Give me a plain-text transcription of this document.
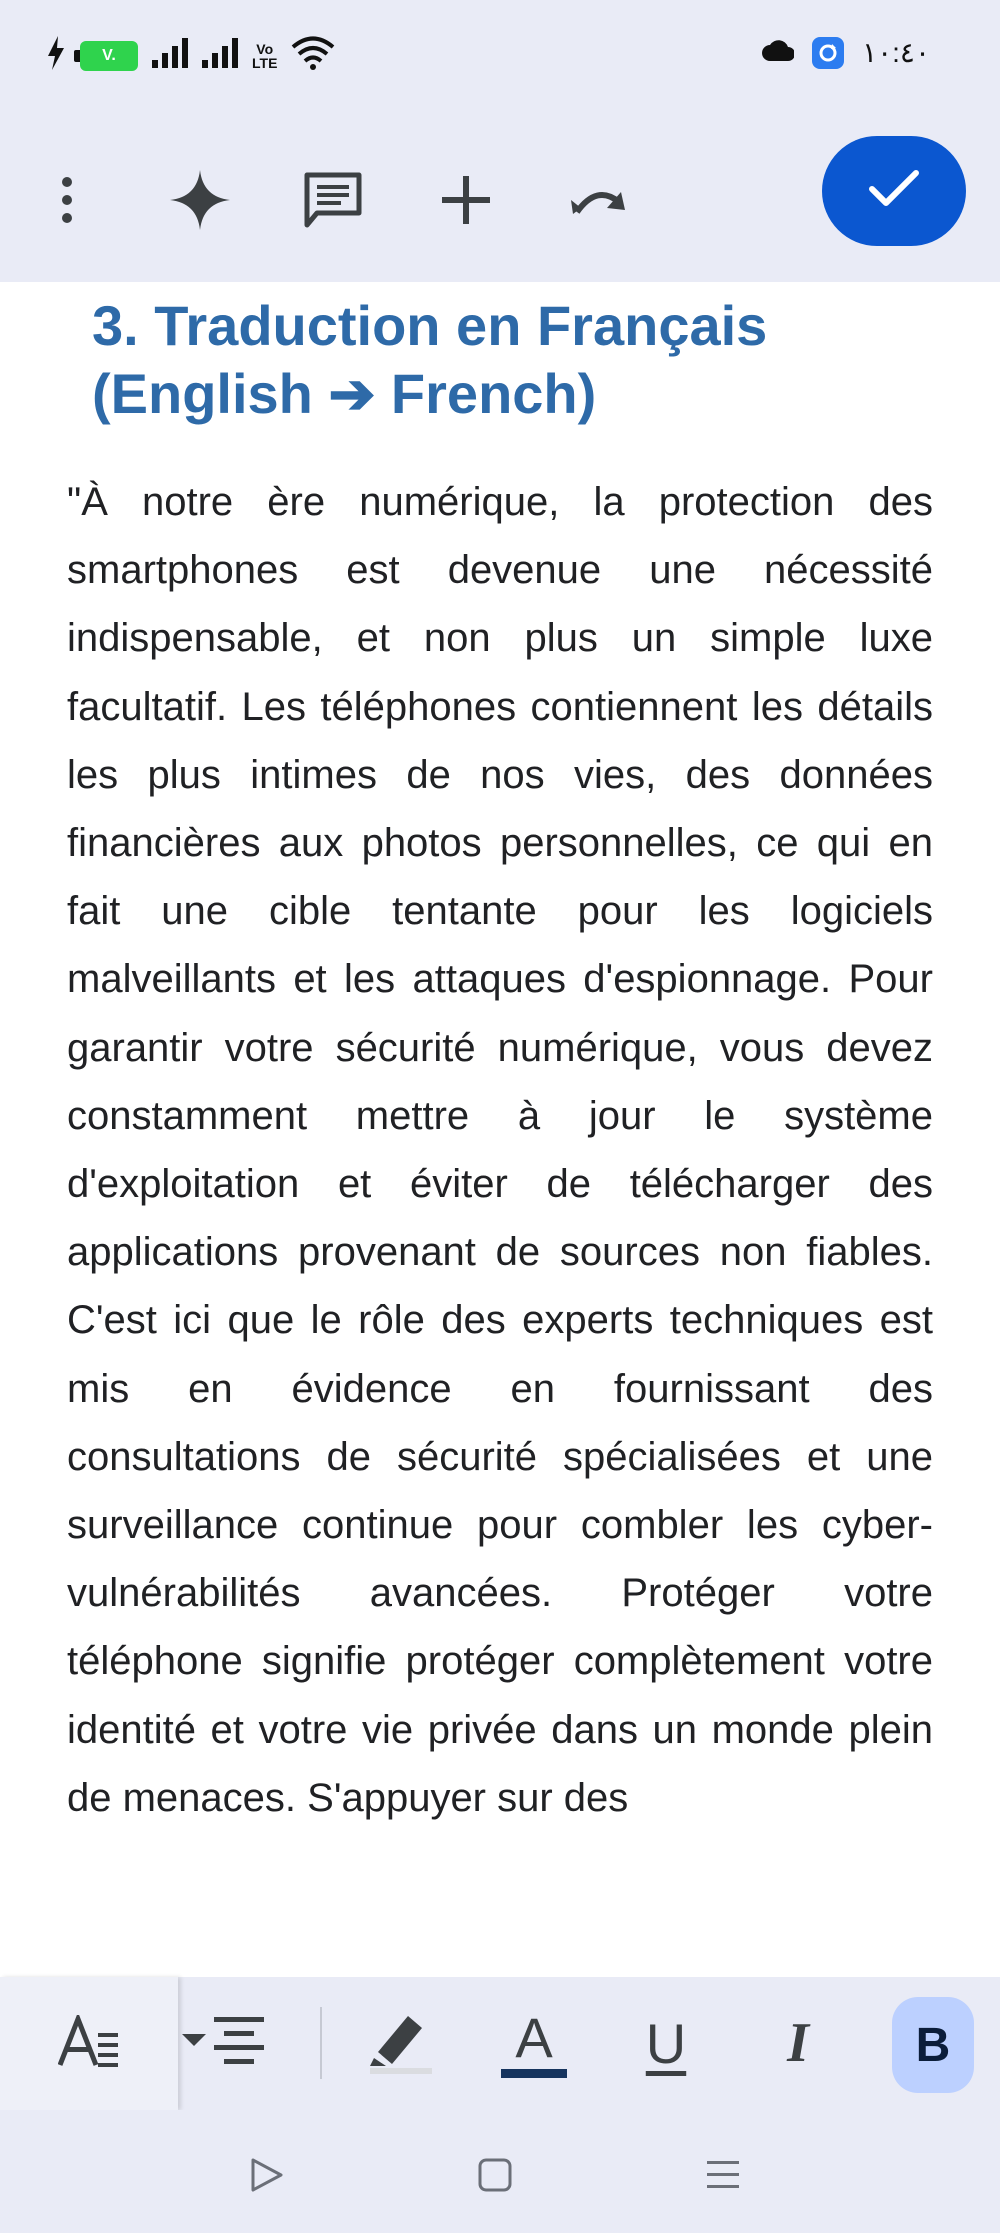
V.	Vo
LTE	١٠:٤٠
3. Traduction en Français (English ➔ French)

"À notre ère numérique, la protection des smartphones est devenue une nécessité indispensable, et non plus un simple luxe facultatif. Les téléphones contiennent les détails les plus intimes de nos vies, des données financières aux photos personnelles, ce qui en fait une cible tentante pour les logiciels malveillants et les attaques d'espionnage. Pour garantir votre sécurité numérique, vous devez constamment mettre à jour le système d'exploitation et éviter de télécharger des applications provenant de sources non fiables. C'est ici que le rôle des experts techniques est mis en évidence en fournissant des consultations de sécurité spécialisées et une surveillance continue pour combler les cyber-vulnérabilités avancées. Protéger votre téléphone signifie protéger complètement votre identité et votre vie privée dans un monde plein de menaces. S'appuyer sur des

A U I B
